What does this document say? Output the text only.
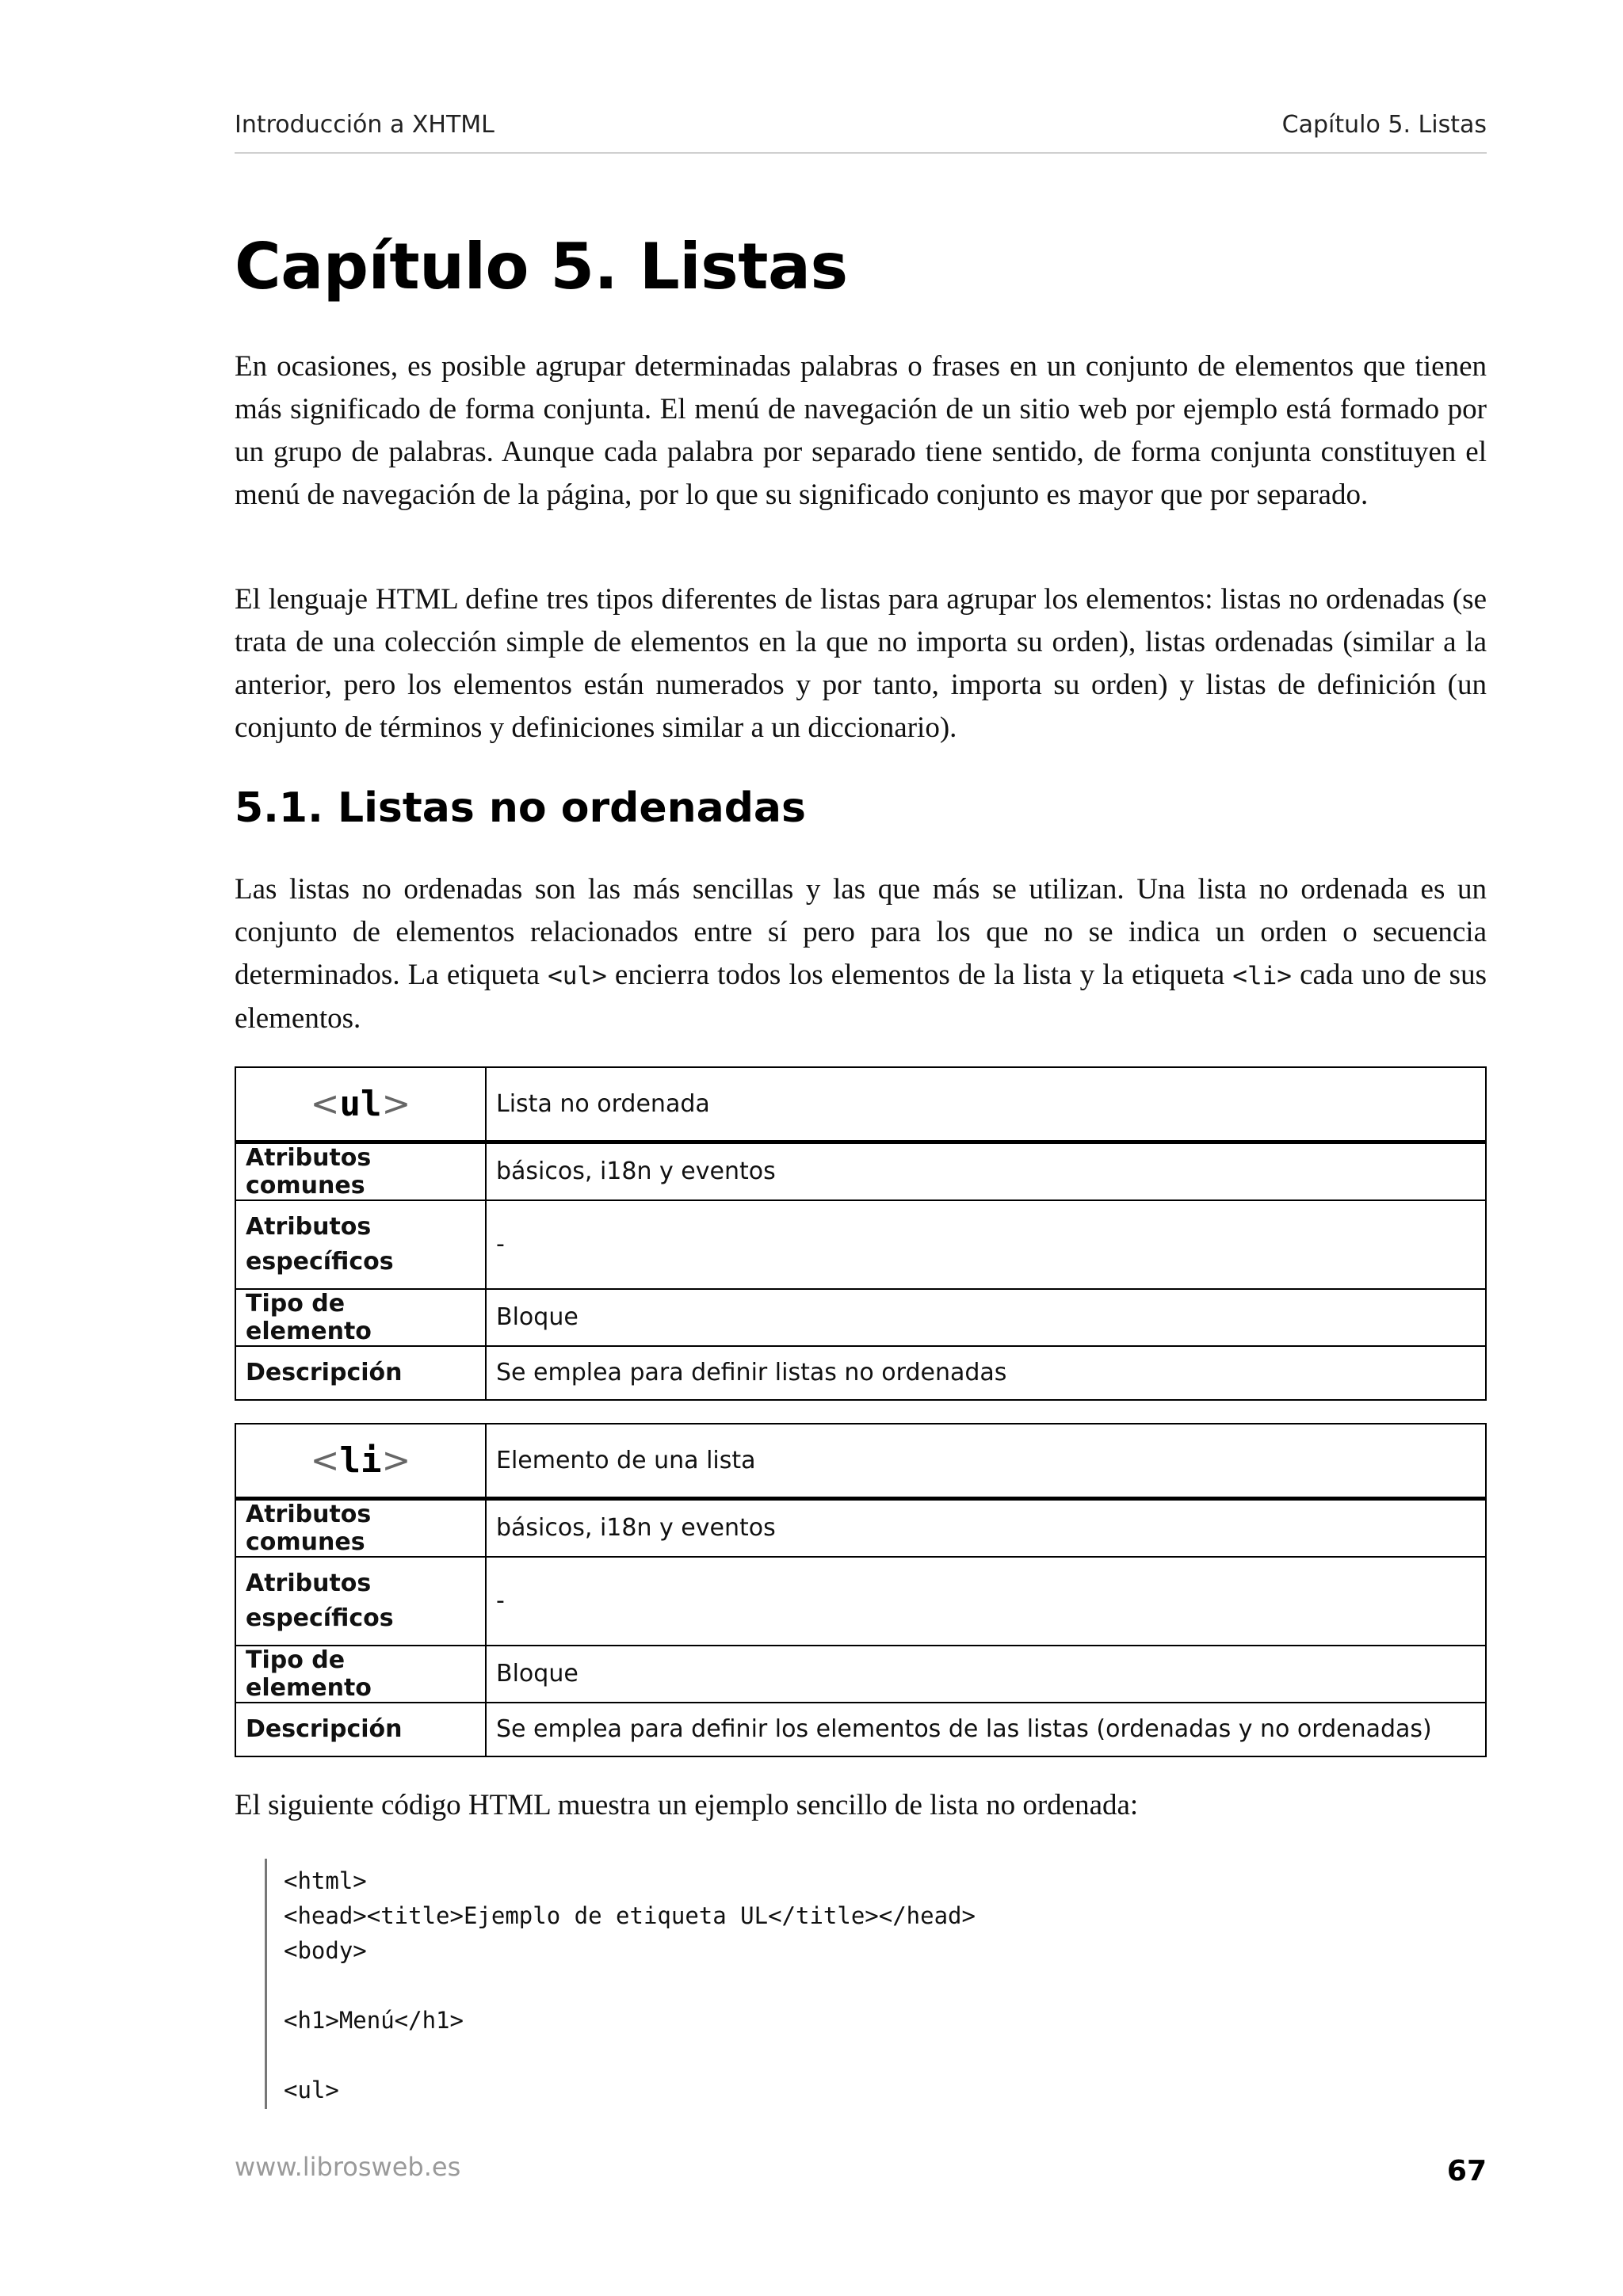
Introducción a XHTML	Capítulo 5. Listas
Capítulo 5. Listas

En ocasiones, es posible agrupar determinadas palabras o frases en un conjunto de elementos que tienen más significado de forma conjunta. El menú de navegación de un sitio web por ejemplo está formado por un grupo de palabras. Aunque cada palabra por separado tiene sentido, de forma conjunta constituyen el menú de navegación de la página, por lo que su significado conjunto es mayor que por separado.

El lenguaje HTML define tres tipos diferentes de listas para agrupar los elementos: listas no ordenadas (se trata de una colección simple de elementos en la que no importa su orden), listas ordenadas (similar a la anterior, pero los elementos están numerados y por tanto, importa su orden) y listas de definición (un conjunto de términos y definiciones similar a un diccionario).

5.1. Listas no ordenadas

Las listas no ordenadas son las más sencillas y las que más se utilizan. Una lista no ordenada es un conjunto de elementos relacionados entre sí pero para los que no se indica un orden o secuencia determinados. La etiqueta <ul> encierra todos los elementos de la lista y la etiqueta <li> cada uno de sus elementos.

<ul>	Lista no ordenada
Atributos comunes	básicos, i18n y eventos
Atributos específicos	-
Tipo de elemento	Bloque
Descripción	Se emplea para definir listas no ordenadas
<li>	Elemento de una lista
Atributos comunes	básicos, i18n y eventos
Atributos específicos	-
Tipo de elemento	Bloque
Descripción	Se emplea para definir los elementos de las listas (ordenadas y no ordenadas)

El siguiente código HTML muestra un ejemplo sencillo de lista no ordenada:

<html>
<head><title>Ejemplo de etiqueta UL</title></head>
<body>

<h1>Menú</h1>

<ul>
www.librosweb.es	67
